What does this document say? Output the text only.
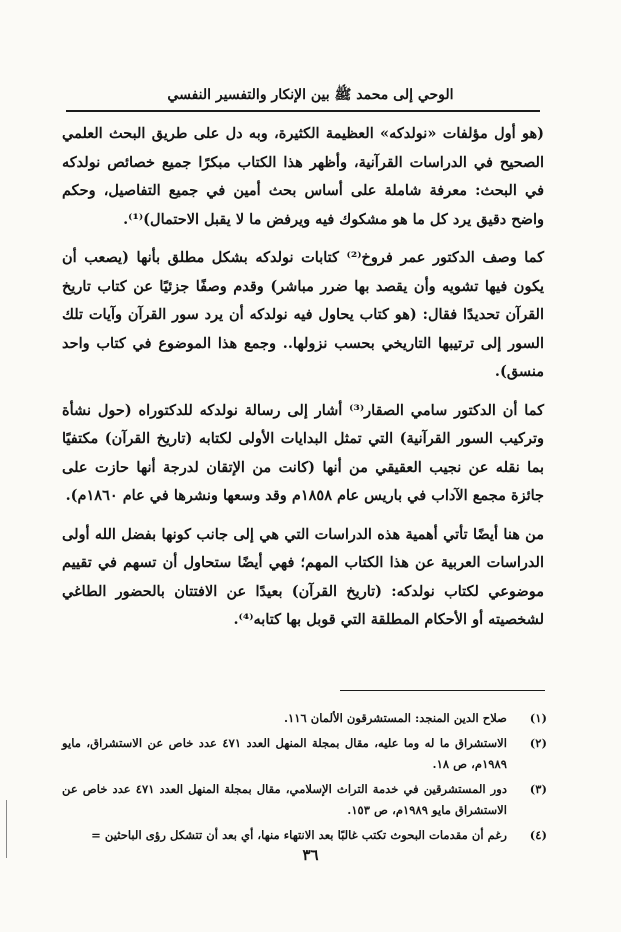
الوحي إلى محمد ﷺ بين الإنكار والتفسير النفسي

(هو أول مؤلفات «نولدكه» العظيمة الكثيرة، وبه دل على طريق البحث العلمي الصحيح في الدراسات القرآنية، وأظهر هذا الكتاب مبكرًا جميع خصائص نولدكه في البحث: معرفة شاملة على أساس بحث أمين في جميع التفاصيل، وحكم واضح دقيق يرد كل ما هو مشكوك فيه ويرفض ما لا يقبل الاحتمال)⁽¹⁾.

كما وصف الدكتور عمر فروخ⁽²⁾ كتابات نولدكه بشكل مطلق بأنها (يصعب أن يكون فيها تشويه وأن يقصد بها ضرر مباشر) وقدم وصفًا جزئيًا عن كتاب تاريخ القرآن تحديدًا فقال: (هو كتاب يحاول فيه نولدكه أن يرد سور القرآن وآيات تلك السور إلى ترتيبها التاريخي بحسب نزولها.. وجمع هذا الموضوع في كتاب واحد منسق).

كما أن الدكتور سامي الصقار⁽³⁾ أشار إلى رسالة نولدكه للدكتوراه (حول نشأة وتركيب السور القرآنية) التي تمثل البدايات الأولى لكتابه (تاريخ القرآن) مكتفيًا بما نقله عن نجيب العقيقي من أنها (كانت من الإتقان لدرجة أنها حازت على جائزة مجمع الآداب في باريس عام ١٨٥٨م وقد وسعها ونشرها في عام ١٨٦٠م).

من هنا أيضًا تأتي أهمية هذه الدراسات التي هي إلى جانب كونها بفضل الله أولى الدراسات العربية عن هذا الكتاب المهم؛ فهي أيضًا ستحاول أن تسهم في تقييم موضوعي لكتاب نولدكه: (تاريخ القرآن) بعيدًا عن الافتتان بالحضور الطاغي لشخصيته أو الأحكام المطلقة التي قوبل بها كتابه⁽⁴⁾.

(١)
صلاح الدين المنجد: المستشرقون الألمان ١١٦.
(٢)
الاستشراق ما له وما عليه، مقال بمجلة المنهل العدد ٤٧١ عدد خاص عن الاستشراق، مايو ١٩٨٩م، ص ١٨.
(٣)
دور المستشرقين في خدمة التراث الإسلامي، مقال بمجلة المنهل العدد ٤٧١ عدد خاص عن الاستشراق مايو ١٩٨٩م، ص ١٥٣.
(٤)
رغم أن مقدمات البحوث تكتب غالبًا بعد الانتهاء منها، أي بعد أن تتشكل رؤى الباحثين =
٣٦
